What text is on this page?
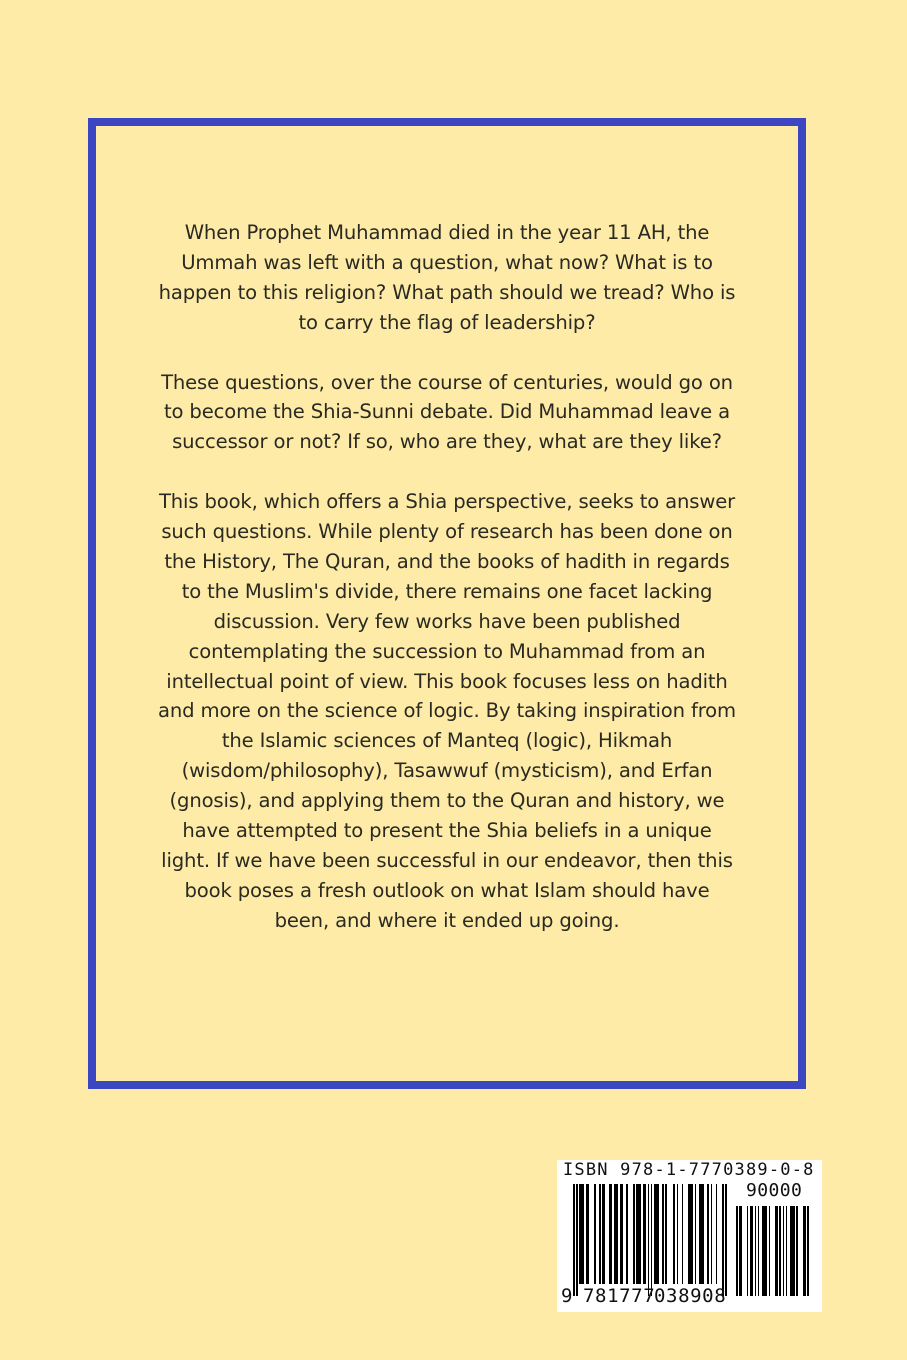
When Prophet Muhammad died in the year 11 AH, the Ummah was left with a question, what now? What is to happen to this religion? What path should we tread? Who is to carry the flag of leadership?

These questions, over the course of centuries, would go on to become the Shia-Sunni debate. Did Muhammad leave a successor or not? If so, who are they, what are they like?

This book, which offers a Shia perspective, seeks to answer such questions. While plenty of research has been done on the History, The Quran, and the books of hadith in regards to the Muslim's divide, there remains one facet lacking discussion. Very few works have been published contemplating the succession to Muhammad from an intellectual point of view. This book focuses less on hadith and more on the science of logic. By taking inspiration from the Islamic sciences of Manteq (logic), Hikmah (wisdom/philosophy), Tasawwuf (mysticism), and Erfan (gnosis), and applying them to the Quran and history, we have attempted to present the Shia beliefs in a unique light. If we have been successful in our endeavor, then this book poses a fresh outlook on what Islam should have been, and where it ended up going.

ISBN 978-1-7770389-0-8
90000
9 781777
038908
